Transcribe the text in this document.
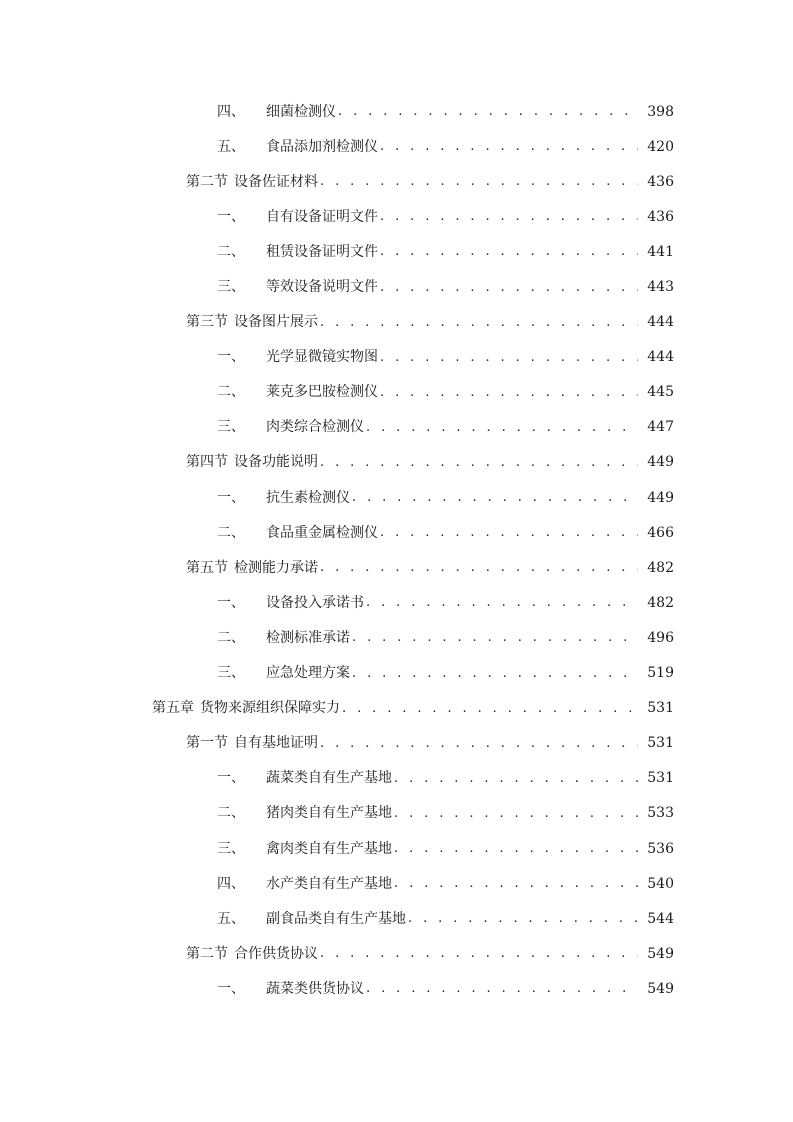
四、 细菌检测仪 . . .	398
五、 食品添加剂检测仪 . . .	420
第二节 设备佐证材料 . . .	436
一、 自有设备证明文件 . . .	436
二、 租赁设备证明文件 . . .	441
三、 等效设备说明文件 . . .	443
第三节 设备图片展示 . . .	444
一、 光学显微镜实物图 . . .	444
二、 莱克多巴胺检测仪 . . .	445
三、 肉类综合检测仪 . . .	447
第四节 设备功能说明 . . .	449
一、 抗生素检测仪 . . .	449
二、 食品重金属检测仪 . . .	466
第五节 检测能力承诺 . . .	482
一、 设备投入承诺书 . . .	482
二、 检测标准承诺 . . .	496
三、 应急处理方案 . . .	519
第五章 货物来源组织保障实力 . . .	531
第一节 自有基地证明 . . .	531
一、 蔬菜类自有生产基地 . . .	531
二、 猪肉类自有生产基地 . . .	533
三、 禽肉类自有生产基地 . . .	536
四、 水产类自有生产基地 . . .	540
五、 副食品类自有生产基地 . . .	544
第二节 合作供货协议 . . .	549
一、 蔬菜类供货协议 . . .	549
